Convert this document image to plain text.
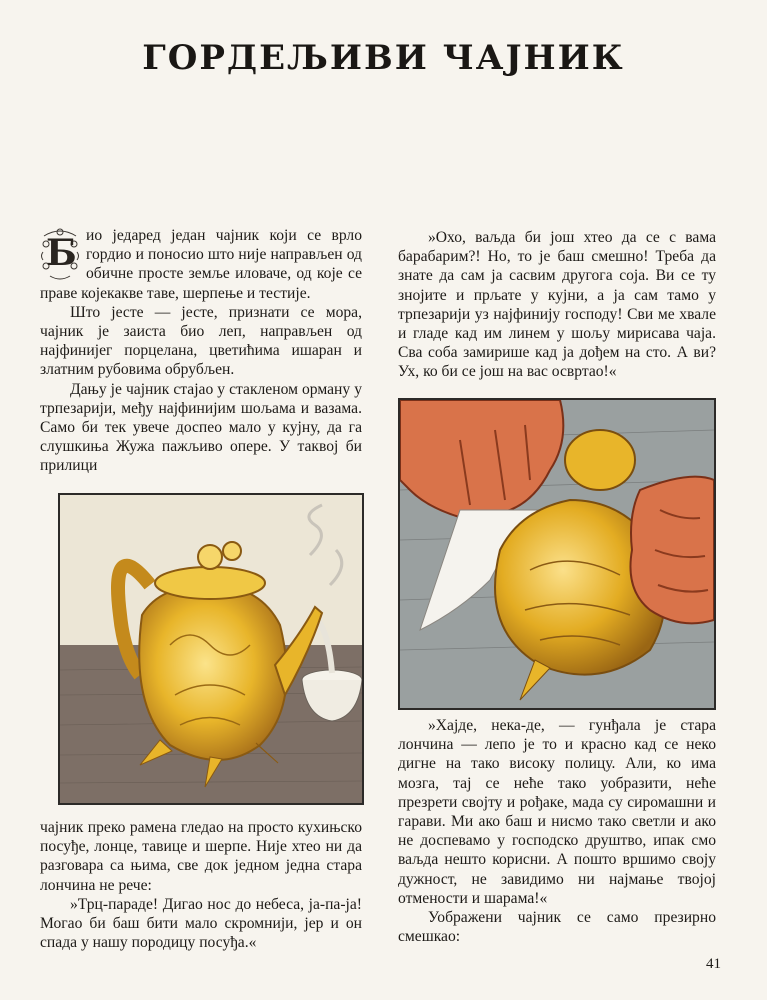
ГОРДЕЉИВИ ЧАЈНИК

Б ио једаред један чајник који се врло гордио и поносио што није направљен од обичне просте земље иловаче, од које се праве којекакве таве, шерпење и тестије.

Што јесте — јесте, признати се мора, чајник је заиста био леп, направљен од најфинијег порцелана, цветићима ишаран и златним рубовима обрубљен.

Дању је чајник стајао у стакленом орману у трпезарији, међу најфинијим шољама и вазама. Само би тек увече доспео мало у кујну, да га слушкиња Жужа пажљиво опере. У таквој би прилици

чајник преко рамена гледао на просто кухињско посуђе, лонце, тавице и шерпе. Није хтео ни да разговара са њима, све док једном једна стара лончина не рече:

»Трц-параде! Дигао нос до небеса, ја-па-ја! Могао би баш бити мало скромнији, јер и он спада у нашу породицу посуђа.«

»Охо, ваљда би још хтео да се с вама барабарим?! Но, то је баш смешно! Треба да знате да сам ја сасвим другога соја. Ви се ту знојите и прљате у кујни, а ја сам тамо у трпезарији уз најфинију господу! Сви ме хвале и гладе кад им линем у шољу мирисава чаја. Сва соба замирише кад ја дођем на сто. А ви? Ух, ко би се још на вас освртао!«

»Хајде, нека-де, — гунђала је стара лончина — лепо је то и красно кад се неко дигне на тако високу полицу. Али, ко има мозга, тај се неће тако уобразити, неће презрети својту и рођаке, мада су сиромашни и гарави. Ми ако баш и нисмо тако светли и ако не доспевамо у господско друштво, ипак смо ваљда нешто корисни. А пошто вршимо своју дужност, не завидимо ни најмање твојој отмености и шарама!«

Уображени чајник се само презирно смешкао:

41
